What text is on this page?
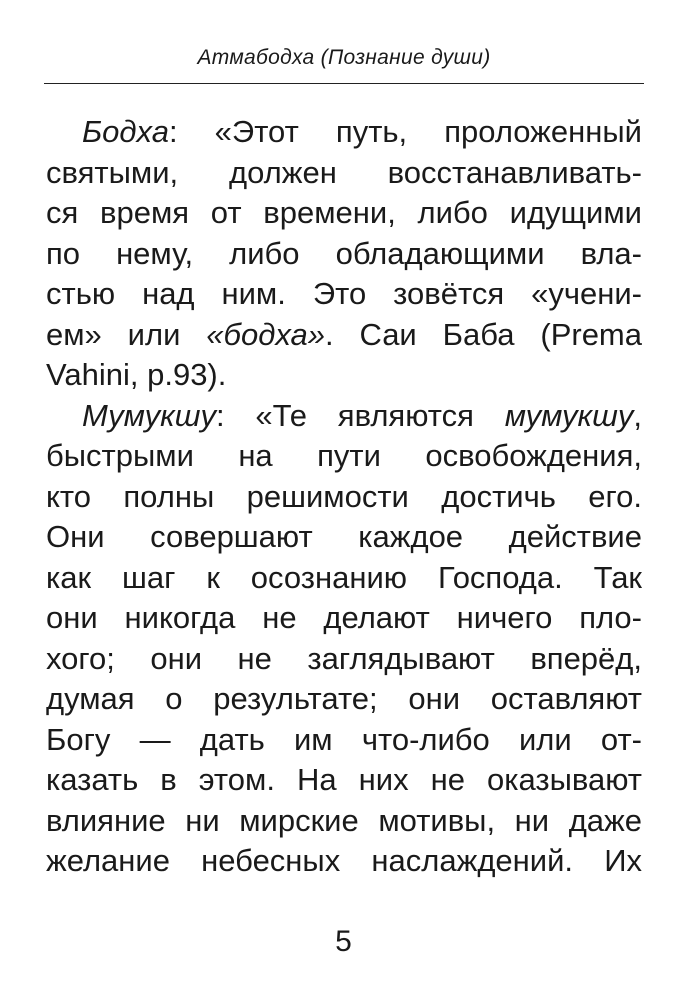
Атмабодха (Познание души)
Бодха: «Этот путь, проложенный
святыми, должен восстанавливать-
ся время от времени, либо идущими
по нему, либо обладающими вла-
стью над ним. Это зовётся «учени-
ем» или «бодха». Саи Баба (Prema
Vahini, p.93).
Мумукшу: «Те являются мумукшу,
быстрыми на пути освобождения,
кто полны решимости достичь его.
Они совершают каждое действие
как шаг к осознанию Господа. Так
они никогда не делают ничего пло-
хого; они не заглядывают вперёд,
думая о результате; они оставляют
Богу — дать им что-либо или от-
казать в этом. На них не оказывают
влияние ни мирские мотивы, ни даже
желание небесных наслаждений. Их
5
